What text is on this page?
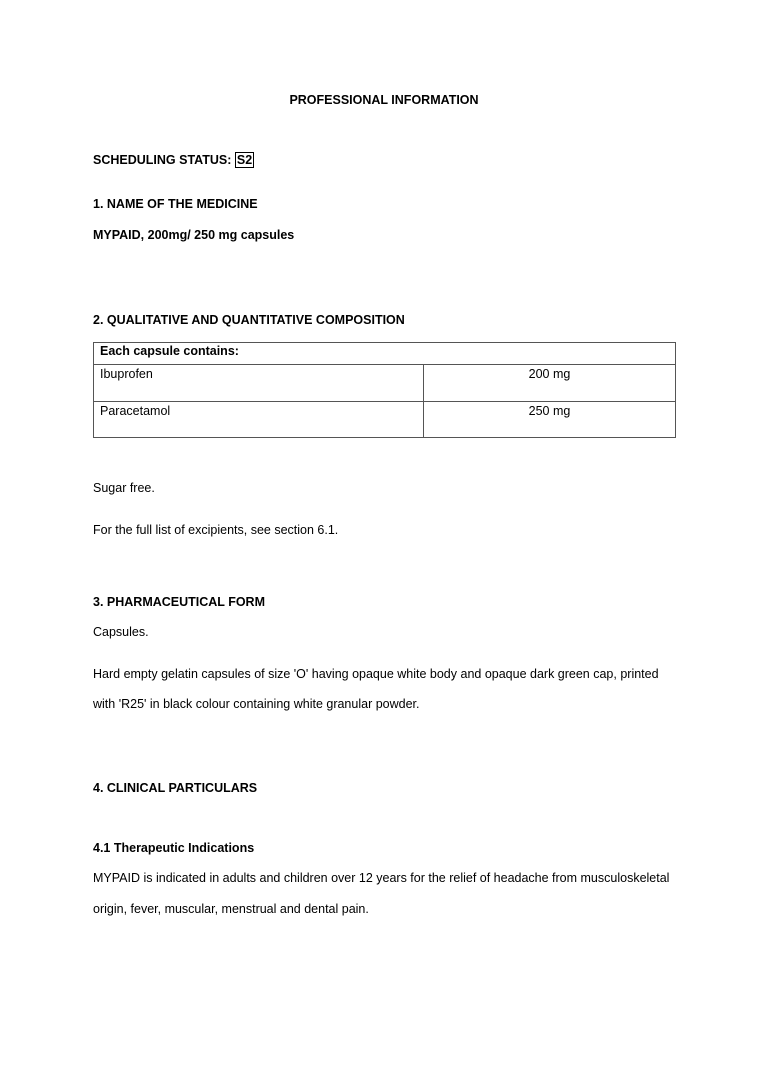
PROFESSIONAL INFORMATION
SCHEDULING STATUS: S2
1. NAME OF THE MEDICINE
MYPAID, 200mg/ 250 mg capsules
2. QUALITATIVE AND QUANTITATIVE COMPOSITION
Each capsule contains:	
Ibuprofen	200 mg
Paracetamol	250 mg
Sugar free.
For the full list of excipients, see section 6.1.
3. PHARMACEUTICAL FORM
Capsules.
Hard empty gelatin capsules of size 'O' having opaque white body and opaque dark green cap, printed
with 'R25' in black colour containing white granular powder.
4. CLINICAL PARTICULARS
4.1 Therapeutic Indications
MYPAID is indicated in adults and children over 12 years for the relief of headache from musculoskeletal
origin, fever, muscular, menstrual and dental pain.
